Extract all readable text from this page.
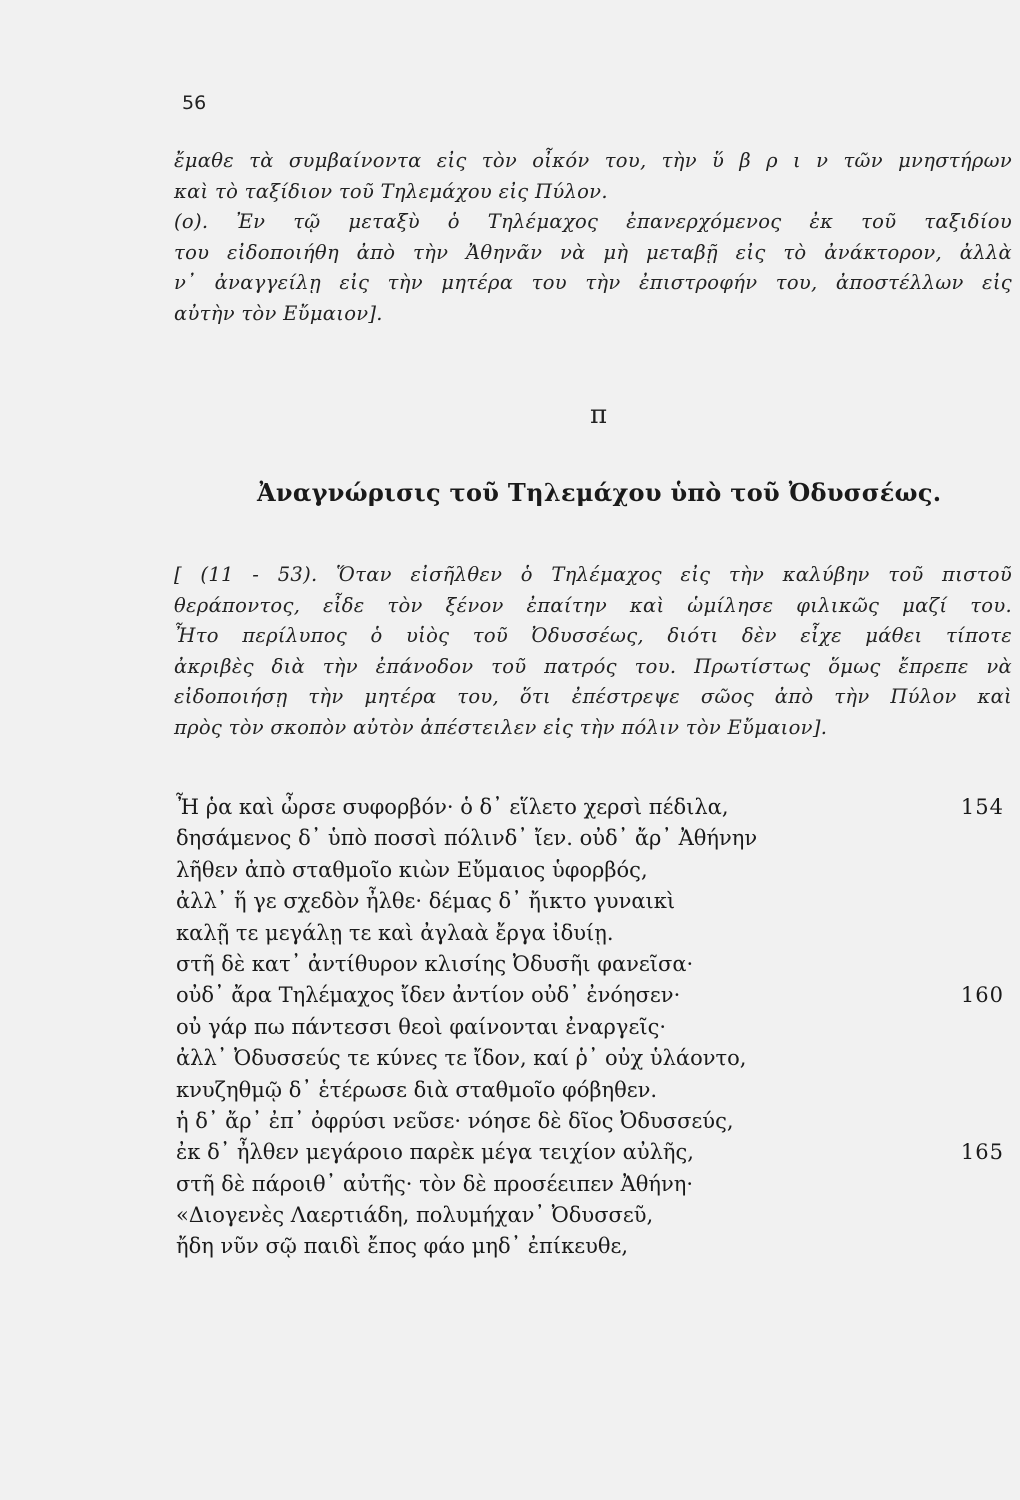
56
ἔμαθε τὰ συμβαίνοντα εἰς τὸν οἶκόν του, τὴν ὕ β ρ ι ν τῶν μνηστήρων
καὶ τὸ ταξίδιον τοῦ Τηλεμάχου εἰς Πύλον.
(ο). Ἐν τῷ μεταξὺ ὁ Τηλέμαχος ἐπανερχόμενος ἐκ τοῦ ταξιδίου
του εἰδοποιήθη ἀπὸ τὴν Ἀθηνᾶν νὰ μὴ μεταβῇ εἰς τὸ ἀνάκτορον, ἀλλὰ
ν᾿ ἀναγγείλῃ εἰς τὴν μητέρα του τὴν ἐπιστροφήν του, ἀποστέλλων εἰς
αὐτὴν τὸν Εὔμαιον].
π
Ἀναγνώρισις τοῦ Τηλεμάχου ὑπὸ τοῦ Ὀδυσσέως.
[ (11 - 53). Ὅταν εἰσῆλθεν ὁ Τηλέμαχος εἰς τὴν καλύβην τοῦ πιστοῦ
θεράποντος, εἶδε τὸν ξένον ἐπαίτην καὶ ὡμίλησε φιλικῶς μαζί του.
Ἦτο περίλυπος ὁ υἱὸς τοῦ Ὀδυσσέως, διότι δὲν εἶχε μάθει τίποτε
ἀκριβὲς διὰ τὴν ἐπάνοδον τοῦ πατρός του. Πρωτίστως ὅμως ἔπρεπε νὰ
εἰδοποιήσῃ τὴν μητέρα του, ὅτι ἐπέστρεψε σῶος ἀπὸ τὴν Πύλον καὶ
πρὸς τὸν σκοπὸν αὐτὸν ἀπέστειλεν εἰς τὴν πόλιν τὸν Εὔμαιον].
Ἦ ῥα καὶ ὦρσε συφορβόν· ὁ δ᾿ εἵλετο χερσὶ πέδιλα,	154
δησάμενος δ᾿ ὑπὸ ποσσὶ πόλινδ᾿ ἴεν. οὐδ᾿ ἄρ᾿ Ἀθήνην
λῆθεν ἀπὸ σταθμοῖο κιὼν Εὔμαιος ὑφορβός,
ἀλλ᾿ ἥ γε σχεδὸν ἦλθε· δέμας δ᾿ ἤικτο γυναικὶ
καλῇ τε μεγάλῃ τε καὶ ἀγλαὰ ἔργα ἰδυίῃ.
στῆ δὲ κατ᾿ ἀντίθυρον κλισίης Ὀδυσῆι φανεῖσα·
οὐδ᾿ ἄρα Τηλέμαχος ἴδεν ἀντίον οὐδ᾿ ἐνόησεν·	160
οὐ γάρ πω πάντεσσι θεοὶ φαίνονται ἐναργεῖς·
ἀλλ᾿ Ὀδυσσεύς τε κύνες τε ἴδον, καί ῥ᾿ οὐχ ὑλάοντο,
κνυζηθμῷ δ᾿ ἑτέρωσε διὰ σταθμοῖο φόβηθεν.
ἡ δ᾿ ἄρ᾿ ἐπ᾿ ὀφρύσι νεῦσε· νόησε δὲ δῖος Ὀδυσσεύς,
ἐκ δ᾿ ἦλθεν μεγάροιο παρὲκ μέγα τειχίον αὐλῆς,	165
στῆ δὲ πάροιθ᾿ αὐτῆς· τὸν δὲ προσέειπεν Ἀθήνη·
«Διογενὲς Λαερτιάδη, πολυμήχαν᾿ Ὀδυσσεῦ,
ἤδη νῦν σῷ παιδὶ ἔπος φάο μηδ᾿ ἐπίκευθε,
